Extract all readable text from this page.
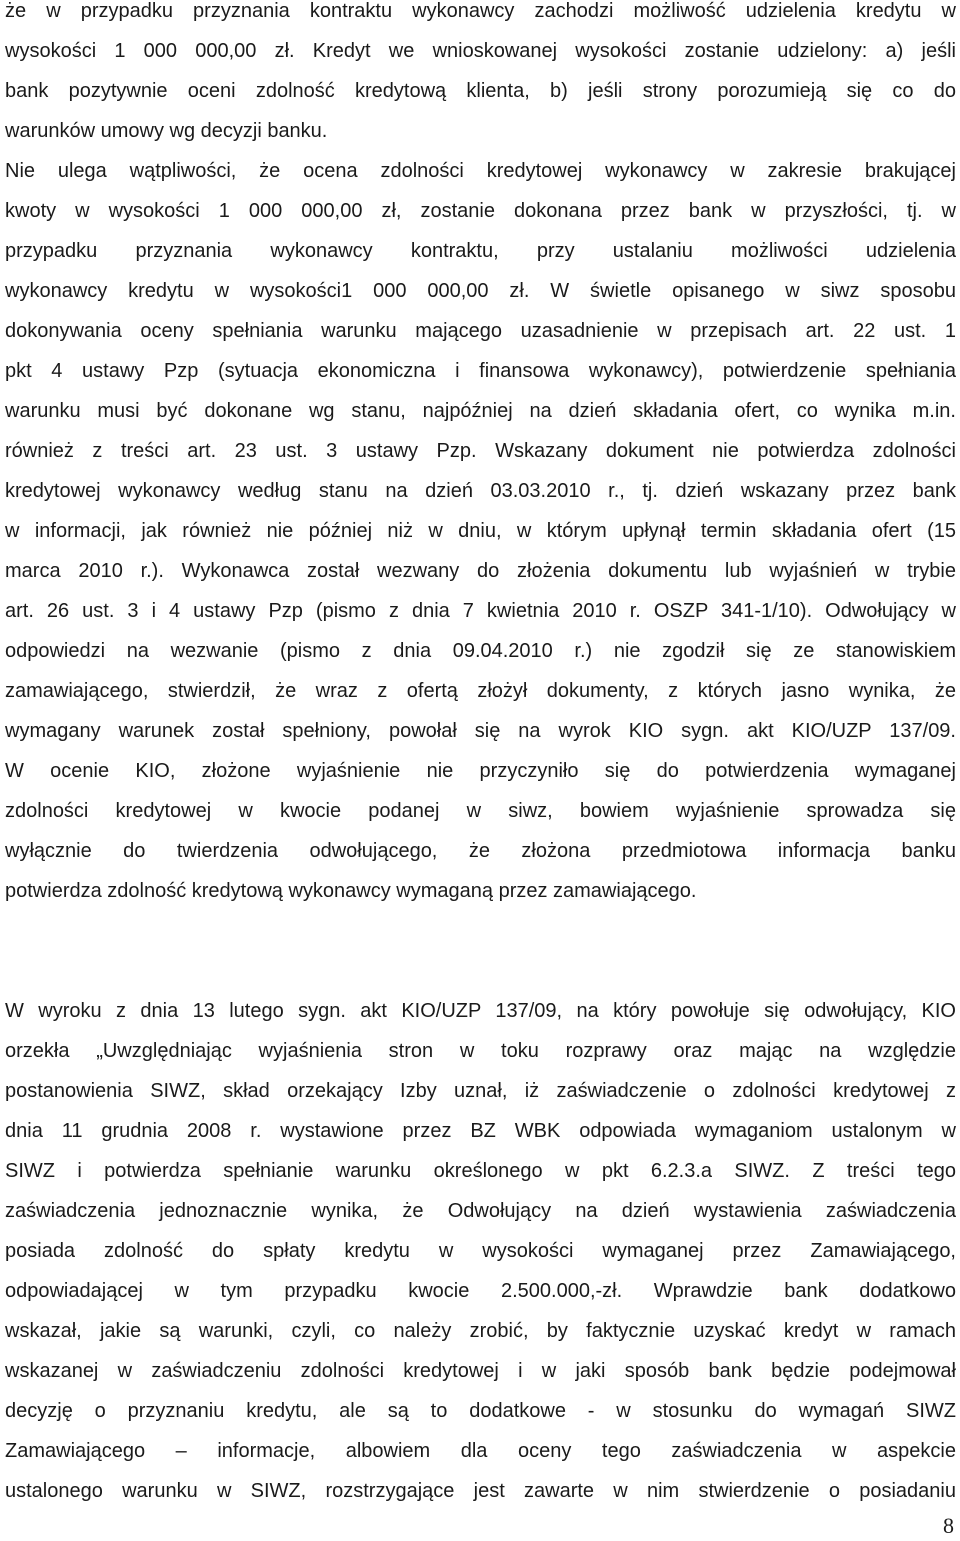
że w przypadku przyznania kontraktu wykonawcy zachodzi możliwość udzielenia kredytu w
wysokości 1 000 000,00 zł. Kredyt we wnioskowanej wysokości zostanie udzielony: a) jeśli
bank pozytywnie oceni zdolność kredytową klienta, b) jeśli strony porozumieją się co do
warunków umowy wg decyzji banku.
Nie ulega wątpliwości, że ocena zdolności kredytowej wykonawcy w zakresie brakującej
kwoty w wysokości 1 000 000,00 zł, zostanie dokonana przez bank w przyszłości, tj. w
przypadku przyznania wykonawcy kontraktu, przy ustalaniu możliwości udzielenia
wykonawcy kredytu w wysokości1 000 000,00 zł. W świetle opisanego w siwz sposobu
dokonywania oceny spełniania warunku mającego uzasadnienie w przepisach art. 22 ust. 1
pkt 4 ustawy Pzp (sytuacja ekonomiczna i finansowa wykonawcy), potwierdzenie spełniania
warunku musi być dokonane wg stanu, najpóźniej na dzień składania ofert, co wynika m.in.
również z treści art. 23 ust. 3 ustawy Pzp. Wskazany dokument nie potwierdza zdolności
kredytowej wykonawcy według stanu na dzień 03.03.2010 r., tj. dzień wskazany przez bank
w informacji, jak również nie później niż w dniu, w którym upłynął termin składania ofert (15
marca 2010 r.). Wykonawca został wezwany do złożenia dokumentu lub wyjaśnień w trybie
art. 26 ust. 3 i 4 ustawy Pzp (pismo z dnia 7 kwietnia 2010 r. OSZP 341-1/10). Odwołujący w
odpowiedzi na wezwanie (pismo z dnia 09.04.2010 r.) nie zgodził się ze stanowiskiem
zamawiającego, stwierdził, że wraz z ofertą złożył dokumenty, z których jasno wynika, że
wymagany warunek został spełniony, powołał się na wyrok KIO sygn. akt KIO/UZP 137/09.
W ocenie KIO, złożone wyjaśnienie nie przyczyniło się do potwierdzenia wymaganej
zdolności kredytowej w kwocie podanej w siwz, bowiem wyjaśnienie sprowadza się
wyłącznie do twierdzenia odwołującego, że złożona przedmiotowa informacja banku
potwierdza zdolność kredytową wykonawcy wymaganą przez zamawiającego.
W wyroku z dnia 13 lutego sygn. akt KIO/UZP 137/09, na który powołuje się odwołujący, KIO
orzekła „Uwzględniając wyjaśnienia stron w toku rozprawy oraz mając na względzie
postanowienia SIWZ, skład orzekający Izby uznał, iż zaświadczenie o zdolności kredytowej z
dnia 11 grudnia 2008 r. wystawione przez BZ WBK odpowiada wymaganiom ustalonym w
SIWZ i potwierdza spełnianie warunku określonego w pkt 6.2.3.a SIWZ. Z treści tego
zaświadczenia jednoznacznie wynika, że Odwołujący na dzień wystawienia zaświadczenia
posiada zdolność do spłaty kredytu w wysokości wymaganej przez Zamawiającego,
odpowiadającej w tym przypadku kwocie 2.500.000,-zł. Wprawdzie bank dodatkowo
wskazał, jakie są warunki, czyli, co należy zrobić, by faktycznie uzyskać kredyt w ramach
wskazanej w zaświadczeniu zdolności kredytowej i w jaki sposób bank będzie podejmował
decyzję o przyznaniu kredytu, ale są to dodatkowe - w stosunku do wymagań SIWZ
Zamawiającego – informacje, albowiem dla oceny tego zaświadczenia w aspekcie
ustalonego warunku w SIWZ, rozstrzygające jest zawarte w nim stwierdzenie o posiadaniu
8
